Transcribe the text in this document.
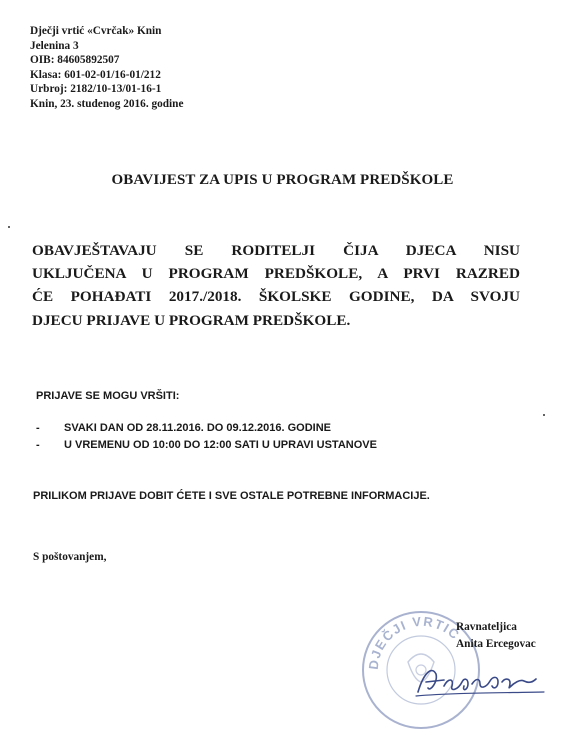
Dječji vrtić «Cvrčak» Knin
Jelenina 3
OIB: 84605892507
Klasa: 601-02-01/16-01/212
Urbroj: 2182/10-13/01-16-1
Knin, 23. studenog 2016. godine
OBAVIJEST ZA UPIS U PROGRAM PREDŠKOLE
OBAVJEŠTAVAJU SE RODITELJI ČIJA DJECA NISU
UKLJUČENA U PROGRAM PREDŠKOLE, A PRVI RAZRED
ĆE POHAĐATI 2017./2018. ŠKOLSKE GODINE, DA SVOJU
DJECU PRIJAVE U PROGRAM PREDŠKOLE.
PRIJAVE SE MOGU VRŠITI:
- SVAKI DAN OD 28.11.2016. DO 09.12.2016. GODINE
- U VREMENU OD 10:00 DO 12:00 SATI U UPRAVI USTANOVE
PRILIKOM PRIJAVE DOBIT ĆETE I SVE OSTALE POTREBNE INFORMACIJE.
S poštovanjem,
DJEČJI VRTIĆ
Ravnateljica
Anita Ercegovac
